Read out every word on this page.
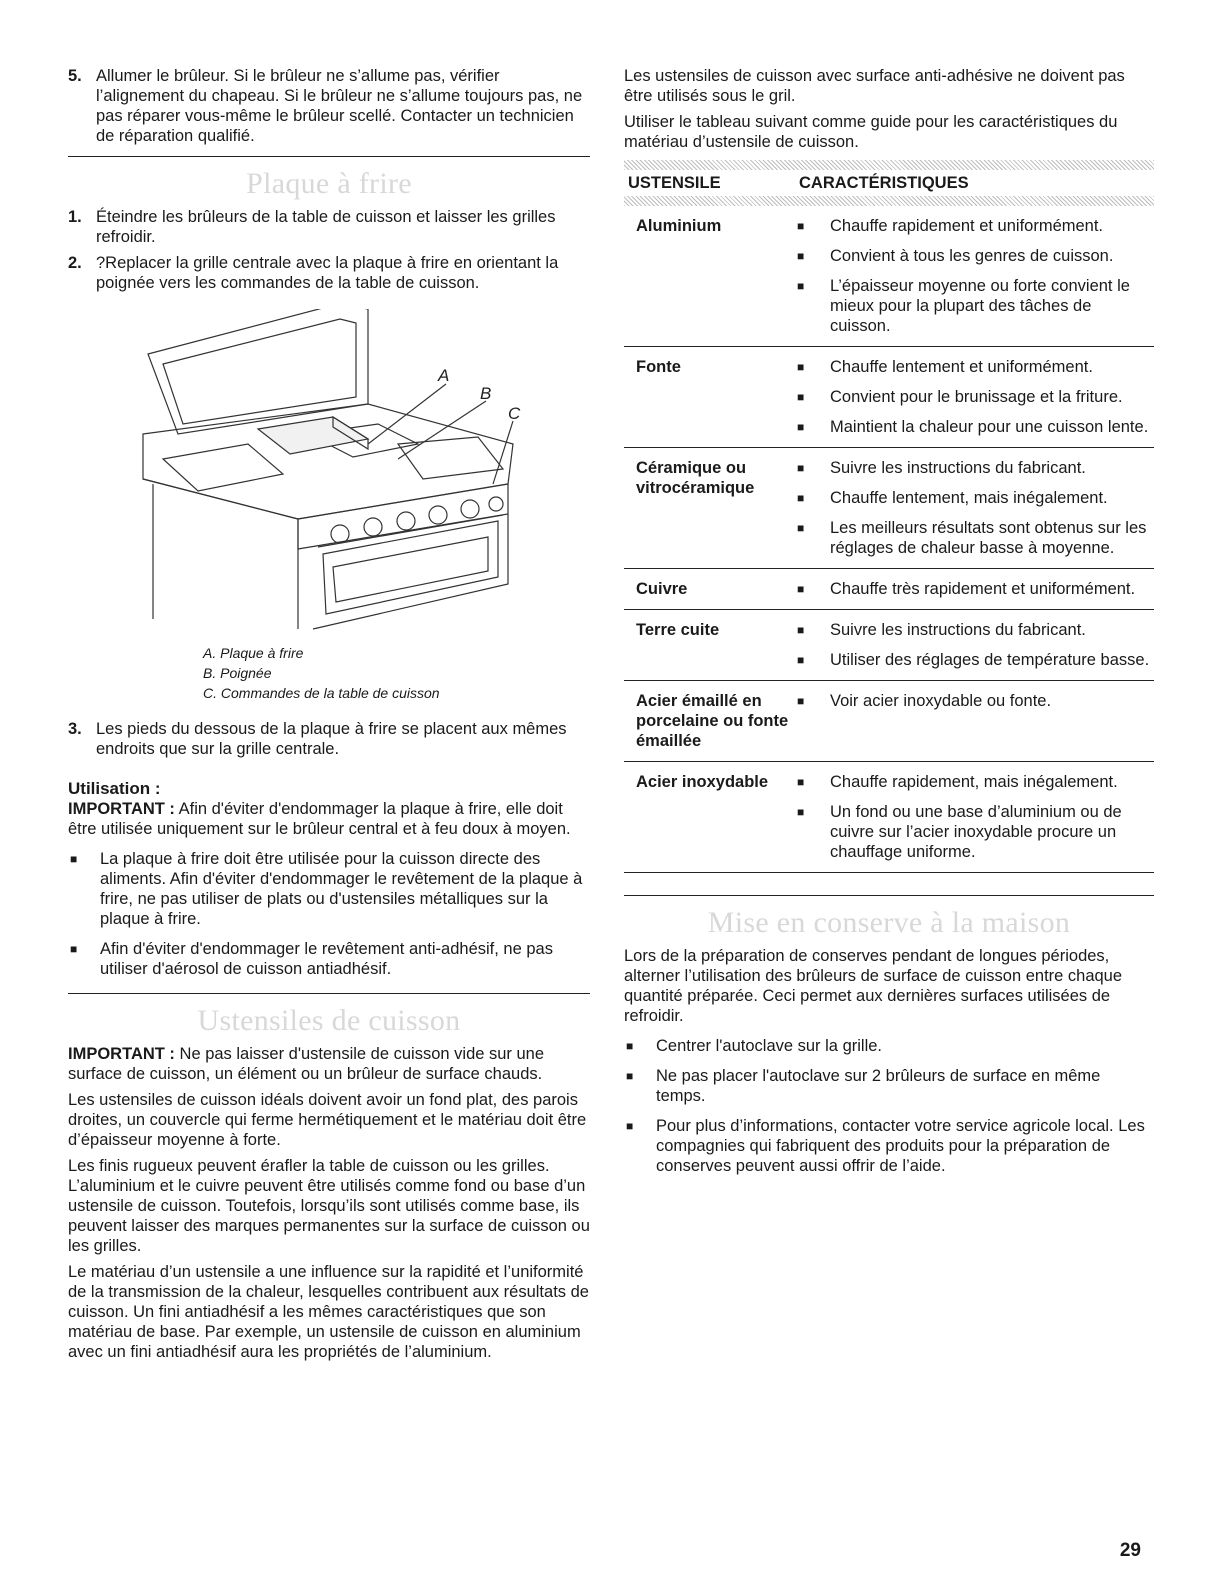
5. Allumer le brûleur. Si le brûleur ne s’allume pas, vérifier l’alignement du chapeau. Si le brûleur ne s’allume toujours pas, ne pas réparer vous-même le brûleur scellé. Contacter un technicien de réparation qualifié.
Plaque à frire
1. Éteindre les brûleurs de la table de cuisson et laisser les grilles refroidir.
2. ?Replacer la grille centrale avec la plaque à frire en orientant la poignée vers les commandes de la table de cuisson.
A
B
C
A. Plaque à frire
B. Poignée
C. Commandes de la table de cuisson
3. Les pieds du dessous de la plaque à frire se placent aux mêmes endroits que sur la grille centrale.
Utilisation :

IMPORTANT : Afin d'éviter d'endommager la plaque à frire, elle doit être utilisée uniquement sur le brûleur central et à feu doux à moyen.

■	La plaque à frire doit être utilisée pour la cuisson directe des aliments. Afin d'éviter d'endommager le revêtement de la plaque à frire, ne pas utiliser de plats ou d'ustensiles métalliques sur la plaque à frire.
■	Afin d'éviter d'endommager le revêtement anti-adhésif, ne pas utiliser d'aérosol de cuisson antiadhésif.
Ustensiles de cuisson

IMPORTANT : Ne pas laisser d'ustensile de cuisson vide sur une surface de cuisson, un élément ou un brûleur de surface chauds.

Les ustensiles de cuisson idéals doivent avoir un fond plat, des parois droites, un couvercle qui ferme hermétiquement et le matériau doit être d’épaisseur moyenne à forte.

Les finis rugueux peuvent érafler la table de cuisson ou les grilles. L’aluminium et le cuivre peuvent être utilisés comme fond ou base d’un ustensile de cuisson. Toutefois, lorsqu’ils sont utilisés comme base, ils peuvent laisser des marques permanentes sur la surface de cuisson ou les grilles.

Le matériau d’un ustensile a une influence sur la rapidité et l’uniformité de la transmission de la chaleur, lesquelles contribuent aux résultats de cuisson. Un fini antiadhésif a les mêmes caractéristiques que son matériau de base. Par exemple, un ustensile de cuisson en aluminium avec un fini antiadhésif aura les propriétés de l’aluminium.

Les ustensiles de cuisson avec surface anti-adhésive ne doivent pas être utilisés sous le gril.

Utiliser le tableau suivant comme guide pour les caractéristiques du matériau d’ustensile de cuisson.

USTENSILE	CARACTÉRISTIQUES
Aluminium	■	Chauffe rapidement et uniformément.
■	Convient à tous les genres de cuisson.
■	L’épaisseur moyenne ou forte convient le mieux pour la plupart des tâches de cuisson.
Fonte	■	Chauffe lentement et uniformément.
■	Convient pour le brunissage et la friture.
■	Maintient la chaleur pour une cuisson lente.
Céramique ou vitrocéramique
■	Suivre les instructions du fabricant.
■	Chauffe lentement, mais inégalement.
■	Les meilleurs résultats sont obtenus sur les réglages de chaleur basse à moyenne.
Cuivre	■	Chauffe très rapidement et uniformément.
Terre cuite	■	Suivre les instructions du fabricant.
■	Utiliser des réglages de température basse.
Acier émaillé en porcelaine ou fonte émaillée
■	Voir acier inoxydable ou fonte.
Acier inoxydable	■	Chauffe rapidement, mais inégalement.
■	Un fond ou une base d’aluminium ou de cuivre sur l’acier inoxydable procure un chauffage uniforme.
Mise en conserve à la maison

Lors de la préparation de conserves pendant de longues périodes, alterner l’utilisation des brûleurs de surface de cuisson entre chaque quantité préparée. Ceci permet aux dernières surfaces utilisées de refroidir.

■	Centrer l'autoclave sur la grille.
■	Ne pas placer l'autoclave sur 2 brûleurs de surface en même temps.
■	Pour plus d’informations, contacter votre service agricole local. Les compagnies qui fabriquent des produits pour la préparation de conserves peuvent aussi offrir de l’aide.
29
